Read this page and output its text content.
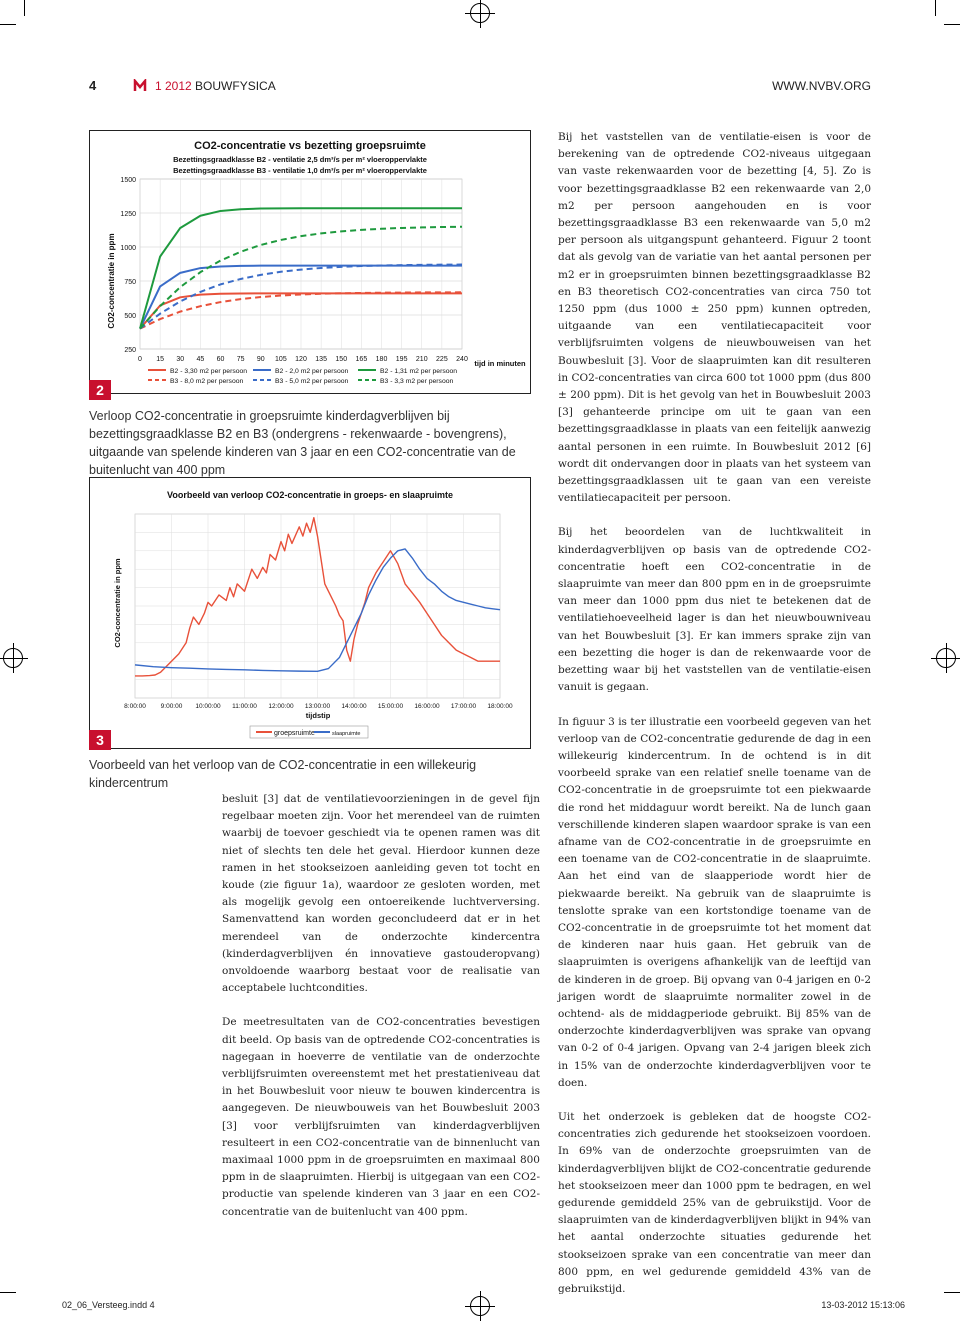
4	1 2012 BOUWFYSICA	WWW.NVBV.ORG
250
500
750
1000
1250
1500
0 15 30 45 60 75 90 105 120 135 150 165 180 195 210 225 240
CO2-concentratie vs bezetting groepsruimte
Bezettingsgraadklasse B2 - ventilatie 2,5 dm³/s per m² vloeroppervlakte
Bezettingsgraadklasse B3 - ventilatie 1,0 dm³/s per m² vloeroppervlakte
CO2-concentratie in ppm
tijd in minuten
B2 - 3,30 m2 per persoon	B2 - 2,0 m2 per persoon	B2 - 1,31 m2 per persoon
B3 - 8,0 m2 per persoon	B3 - 5,0 m2 per persoon	B3 - 3,3 m2 per persoon
2
Verloop CO2-concentratie in groepsruimte kinderdagverblijven bij bezettingsgraadklasse B2 en B3 (ondergrens - rekenwaarde - bovengrens), uitgaande van spelende kinderen van 3 jaar en een CO2-concentratie van de buitenlucht van 400 ppm
8:00:00 9:00:00 10:00:00 11:00:00 12:00:00 13:00:00 14:00:00 15:00:00 16:00:00 17:00:00 18:00:00
Voorbeeld van verloop CO2-concentratie in groeps- en slaapruimte
CO2-concentratie in ppm
tijdstip
groepsruimte	slaapruimte
3
Voorbeeld van het verloop van de CO2-concentratie in een willekeurig kindercentrum

besluit [3] dat de ventilatievoorzieningen in de gevel fijn regelbaar moeten zijn. Voor het merendeel van de ruimten waarbij de toevoer geschiedt via te openen ramen was dit niet of slechts ten dele het geval. Hierdoor kunnen deze ramen in het stookseizoen aanleiding geven tot tocht en koude (zie figuur 1a), waardoor ze gesloten worden, met als mogelijk gevolg een ontoereikende luchtverversing. Samenvattend kan worden geconcludeerd dat er in het merendeel van de onderzochte kindercentra (kinderdagverblijven én innovatieve gastouderopvang) onvoldoende waarborg bestaat voor de realisatie van acceptabele luchtcondities.

De meetresultaten van de CO2-concentraties bevestigen dit beeld. Op basis van de optredende CO2-concentraties is nagegaan in hoeverre de ventilatie van de onderzochte verblijfsruimten overeenstemt met het prestatieniveau dat in het Bouwbesluit voor nieuw te bouwen kindercentra is aangegeven. De nieuwbouweis van het Bouwbesluit 2003 [3] voor verblijfsruimten van kinderdagverblijven resulteert in een CO2-concentratie van de binnenlucht van maximaal 1000 ppm in de groepsruimten en maximaal 800 ppm in de slaapruimten. Hierbij is uitgegaan van een CO2-productie van spelende kinderen van 3 jaar en een CO2-concentratie van de buitenlucht van 400 ppm.

Bij het vaststellen van de ventilatie-eisen is voor de berekening van de optredende CO2-niveaus uitgegaan van vaste rekenwaarden voor de bezetting [4, 5]. Zo is voor bezettingsgraadklasse B2 een rekenwaarde van 2,0 m2 per persoon aangehouden en is voor bezettingsgraadklasse B3 een rekenwaarde van 5,0 m2 per persoon als uitgangspunt gehanteerd. Figuur 2 toont dat als gevolg van de variatie van het aantal personen per m2 er in groepsruimten binnen bezettingsgraadklasse B2 en B3 theoretisch CO2-concentraties van circa 750 tot 1250 ppm (dus 1000 ± 250 ppm) kunnen optreden, uitgaande van een ventilatiecapaciteit voor verblijfsruimten volgens de nieuwbouweisen van het Bouwbesluit [3]. Voor de slaapruimten kan dit resulteren in CO2-concentraties van circa 600 tot 1000 ppm (dus 800 ± 200 ppm). Dit is het gevolg van het in Bouwbesluit 2003 [3] gehanteerde principe om uit te gaan van een bezettingsgraadklasse in plaats van een feitelijk aanwezig aantal personen in een ruimte. In Bouwbesluit 2012 [6] wordt dit ondervangen door in plaats van het systeem van bezettingsgraadklassen uit te gaan van een vereiste ventilatiecapaciteit per persoon.

Bij het beoordelen van de luchtkwaliteit in kinderdagverblijven op basis van de optredende CO2-concentratie hoeft een CO2-concentratie in de slaapruimte van meer dan 800 ppm en in de groepsruimte van meer dan 1000 ppm dus niet te betekenen dat de ventilatiehoeveelheid lager is dan het nieuwbouwniveau van het Bouwbesluit [3]. Er kan immers sprake zijn van een bezetting die hoger is dan de rekenwaarde voor de bezetting waar bij het vaststellen van de ventilatie-eisen vanuit is gegaan.

In figuur 3 is ter illustratie een voorbeeld gegeven van het verloop van de CO2-concentratie gedurende de dag in een willekeurig kindercentrum. In de ochtend is in dit voorbeeld sprake van een relatief snelle toename van de CO2-concentratie in de groepsruimte tot een piekwaarde die rond het middaguur wordt bereikt. Na de lunch gaan verschillende kinderen slapen waardoor sprake is van een afname van de CO2-concentratie in de groepsruimte en een toename van de CO2-concentratie in de slaapruimte. Aan het eind van de slaapperiode wordt hier de piekwaarde bereikt. Na gebruik van de slaapruimte is tenslotte sprake van een kortstondige toename van de CO2-concentratie in de groepsruimte tot het moment dat de kinderen naar huis gaan. Het gebruik van de slaapruimten is overigens afhankelijk van de leeftijd van de kinderen in de groep. Bij opvang van 0-4 jarigen en 0-2 jarigen wordt de slaapruimte normaliter zowel in de ochtend- als de middagperiode gebruikt. Bij 85% van de onderzochte kinderdagverblijven was sprake van opvang van 0-2 of 0-4 jarigen. Opvang van 2-4 jarigen bleek zich in 15% van de onderzochte kinderdagverblijven voor te doen.

Uit het onderzoek is gebleken dat de hoogste CO2-concentraties zich gedurende het stookseizoen voordoen. In 69% van de onderzochte groepsruimten van de kinderdagverblijven blijkt de CO2-concentratie gedurende het stookseizoen meer dan 1000 ppm te bedragen, en wel gedurende gemiddeld 25% van de gebruikstijd. Voor de slaapruimten van de kinderdagverblijven blijkt in 94% van het aantal onderzochte situaties gedurende het stookseizoen sprake van een concentratie van meer dan 800 ppm, en wel gedurende gemiddeld 43% van de gebruikstijd.

02_06_Versteeg.indd 4	13-03-2012 15:13:06
